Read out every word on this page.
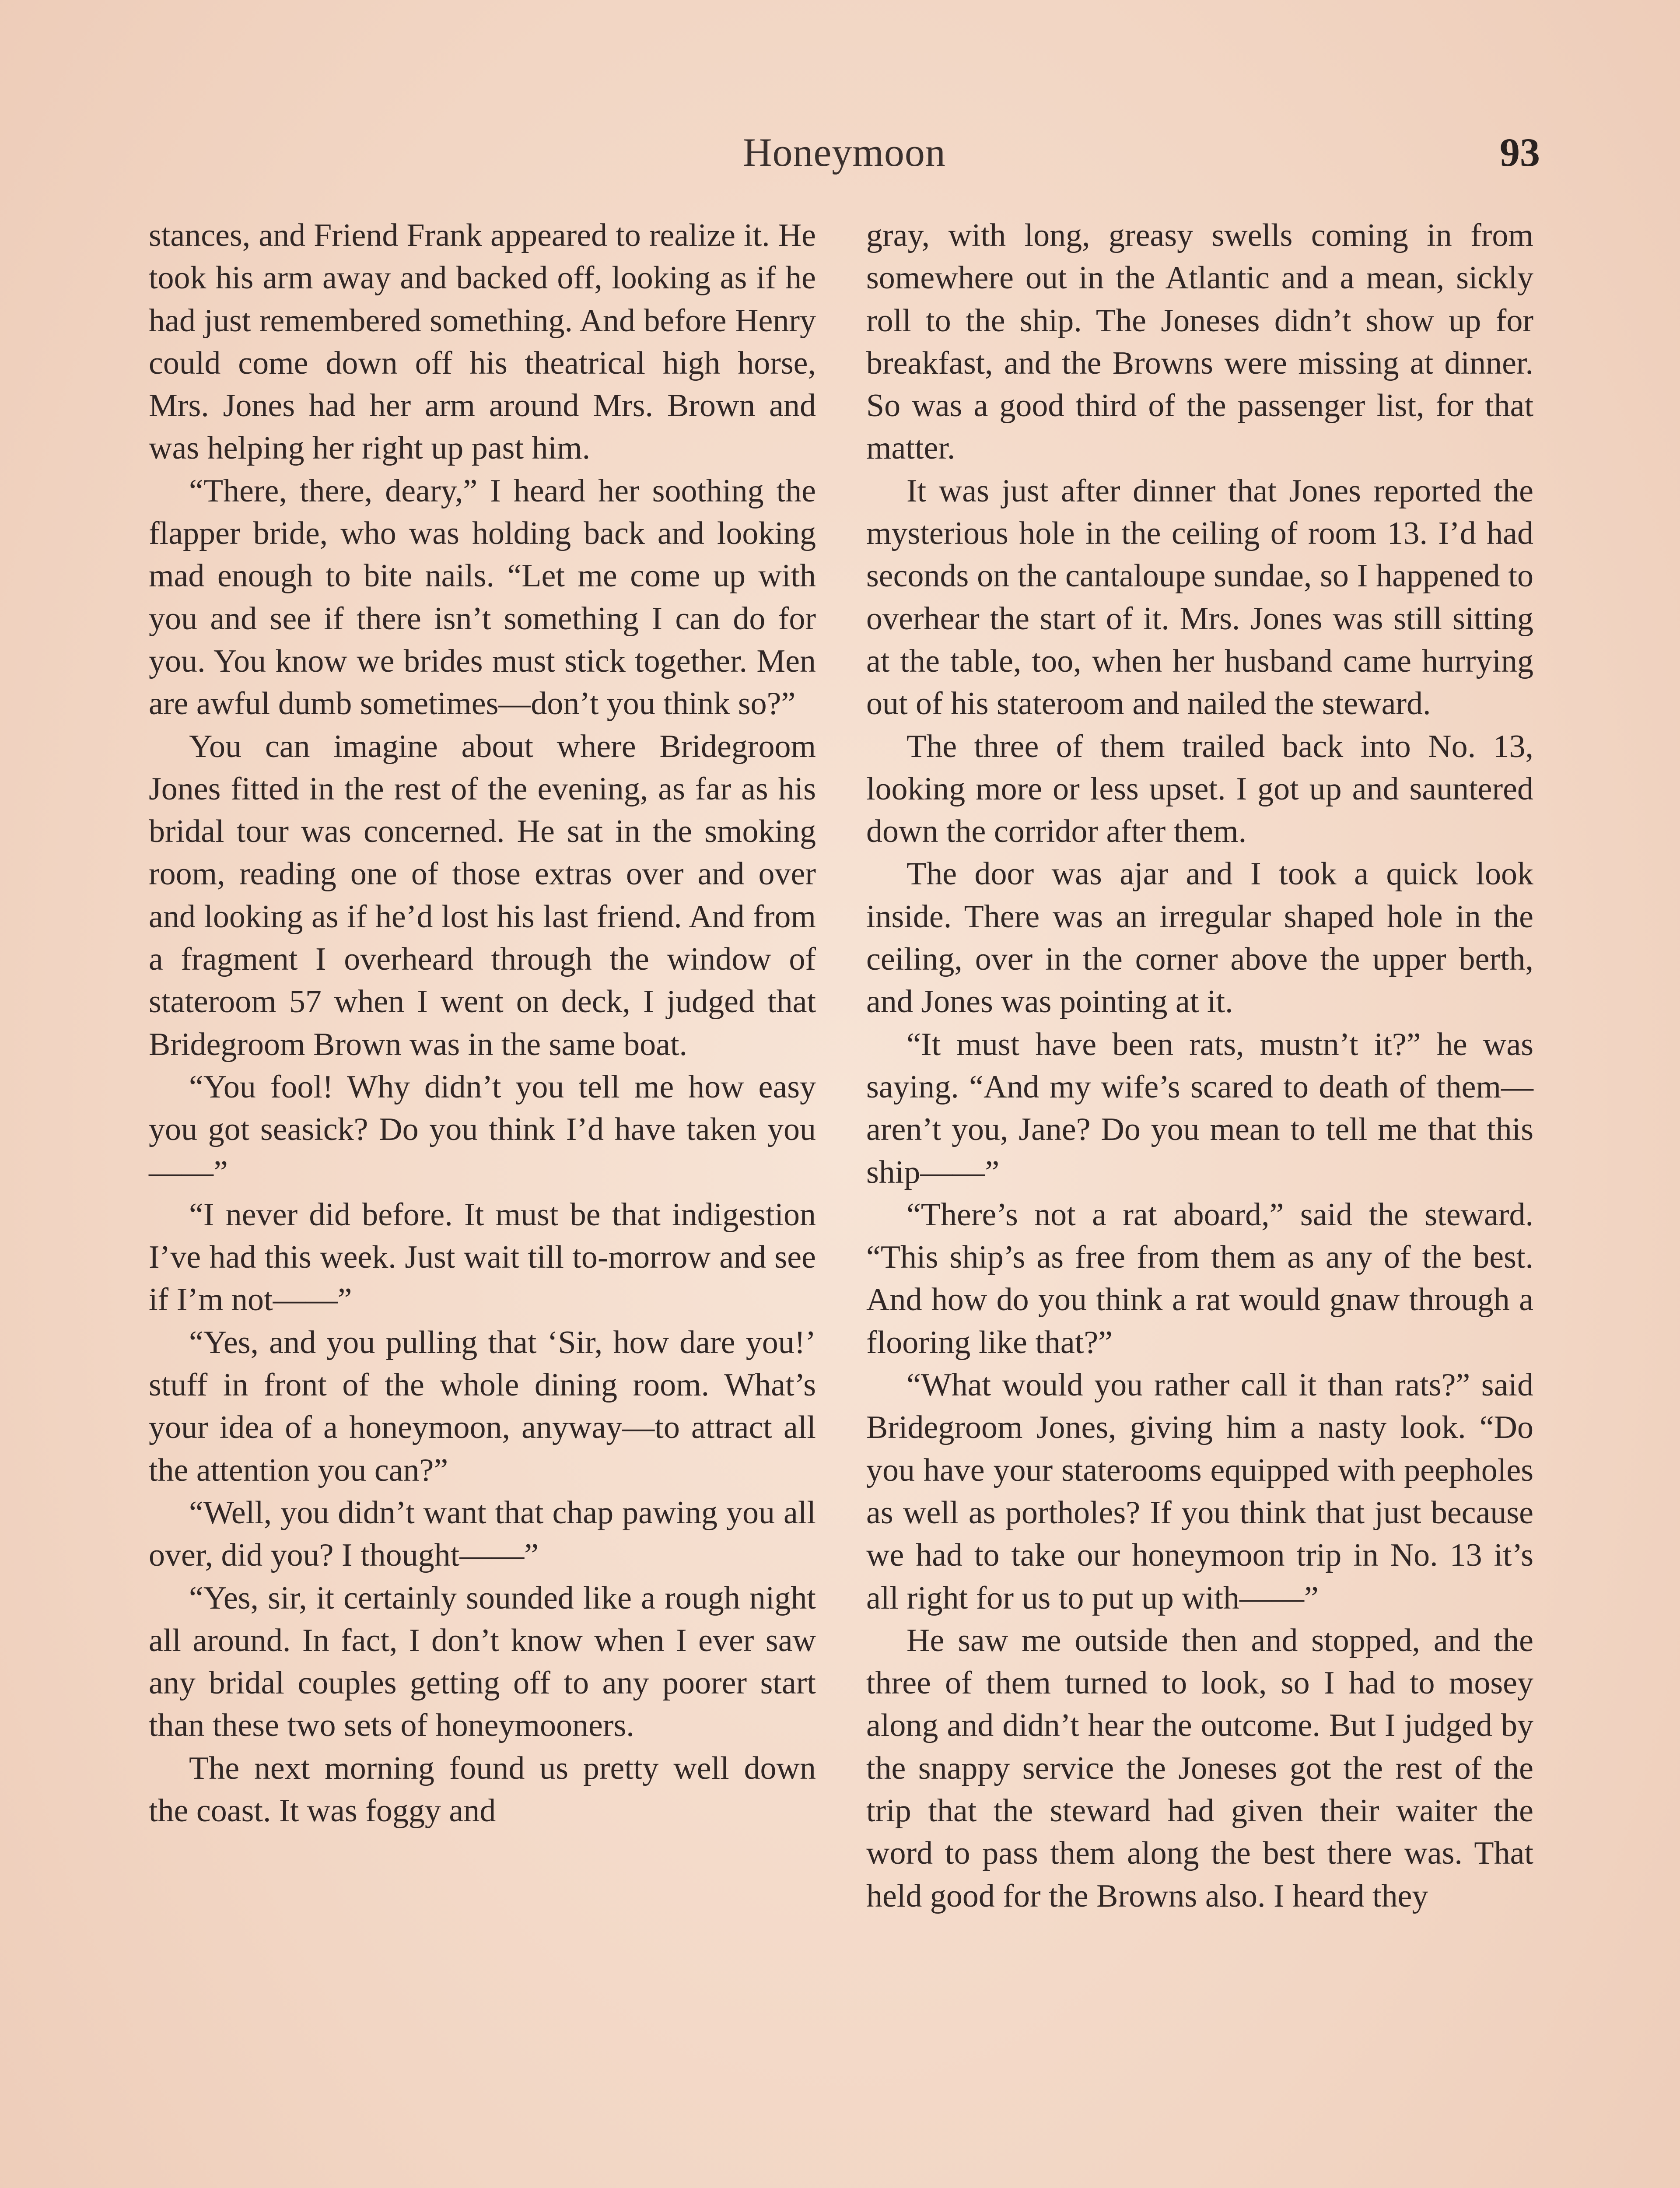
Honeymoon	93

stances, and Friend Frank appeared to realize it. He took his arm away and backed off, looking as if he had just remembered something. And before Henry could come down off his theatrical high horse, Mrs. Jones had her arm around Mrs. Brown and was helping her right up past him.

“There, there, deary,” I heard her soothing the flapper bride, who was holding back and looking mad enough to bite nails. “Let me come up with you and see if there isn’t something I can do for you. You know we brides must stick together. Men are awful dumb sometimes—don’t you think so?”

You can imagine about where Bridegroom Jones fitted in the rest of the evening, as far as his bridal tour was concerned. He sat in the smoking room, reading one of those extras over and over and looking as if he’d lost his last friend. And from a fragment I overheard through the window of stateroom 57 when I went on deck, I judged that Bridegroom Brown was in the same boat.

“You fool! Why didn’t you tell me how easy you got seasick? Do you think I’d have taken you——”

“I never did before. It must be that indigestion I’ve had this week. Just wait till to-morrow and see if I’m not——”

“Yes, and you pulling that ‘Sir, how dare you!’ stuff in front of the whole dining room. What’s your idea of a honeymoon, anyway—to attract all the attention you can?”

“Well, you didn’t want that chap pawing you all over, did you? I thought——”

“Yes, sir, it certainly sounded like a rough night all around. In fact, I don’t know when I ever saw any bridal couples getting off to any poorer start than these two sets of honeymooners.

The next morning found us pretty well down the coast. It was foggy and

gray, with long, greasy swells coming in from somewhere out in the Atlantic and a mean, sickly roll to the ship. The Joneses didn’t show up for breakfast, and the Browns were missing at dinner. So was a good third of the passenger list, for that matter.

It was just after dinner that Jones reported the mysterious hole in the ceiling of room 13. I’d had seconds on the cantaloupe sundae, so I happened to overhear the start of it. Mrs. Jones was still sitting at the table, too, when her husband came hurrying out of his stateroom and nailed the steward.

The three of them trailed back into No. 13, looking more or less upset. I got up and sauntered down the corridor after them.

The door was ajar and I took a quick look inside. There was an irregular shaped hole in the ceiling, over in the corner above the upper berth, and Jones was pointing at it.

“It must have been rats, mustn’t it?” he was saying. “And my wife’s scared to death of them—aren’t you, Jane? Do you mean to tell me that this ship——”

“There’s not a rat aboard,” said the steward. “This ship’s as free from them as any of the best. And how do you think a rat would gnaw through a flooring like that?”

“What would you rather call it than rats?” said Bridegroom Jones, giving him a nasty look. “Do you have your staterooms equipped with peepholes as well as portholes? If you think that just because we had to take our honeymoon trip in No. 13 it’s all right for us to put up with——”

He saw me outside then and stopped, and the three of them turned to look, so I had to mosey along and didn’t hear the outcome. But I judged by the snappy service the Joneses got the rest of the trip that the steward had given their waiter the word to pass them along the best there was. That held good for the Browns also. I heard they
